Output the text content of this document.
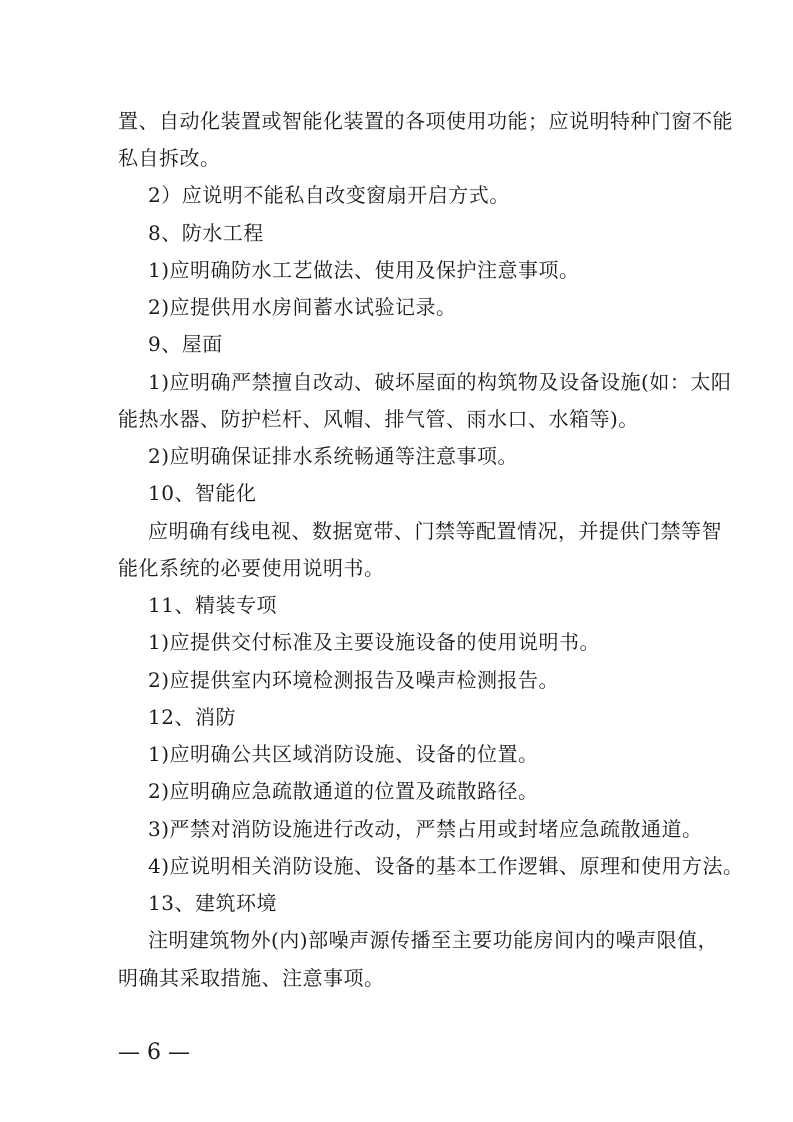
置、自动化装置或智能化装置的各项使用功能；应说明特种门窗不能
私自拆改。
2）应说明不能私自改变窗扇开启方式。
8、防水工程
1)应明确防水工艺做法、使用及保护注意事项。
2)应提供用水房间蓄水试验记录。
9、屋面
1)应明确严禁擅自改动、破坏屋面的构筑物及设备设施(如：太阳
能热水器、防护栏杆、风帽、排气管、雨水口、水箱等)。
2)应明确保证排水系统畅通等注意事项。
10、智能化
应明确有线电视、数据宽带、门禁等配置情况，并提供门禁等智
能化系统的必要使用说明书。
11、精装专项
1)应提供交付标准及主要设施设备的使用说明书。
2)应提供室内环境检测报告及噪声检测报告。
12、消防
1)应明确公共区域消防设施、设备的位置。
2)应明确应急疏散通道的位置及疏散路径。
3)严禁对消防设施进行改动，严禁占用或封堵应急疏散通道。
4)应说明相关消防设施、设备的基本工作逻辑、原理和使用方法。
13、建筑环境
注明建筑物外(内)部噪声源传播至主要功能房间内的噪声限值，
明确其采取措施、注意事项。
— 6 —
